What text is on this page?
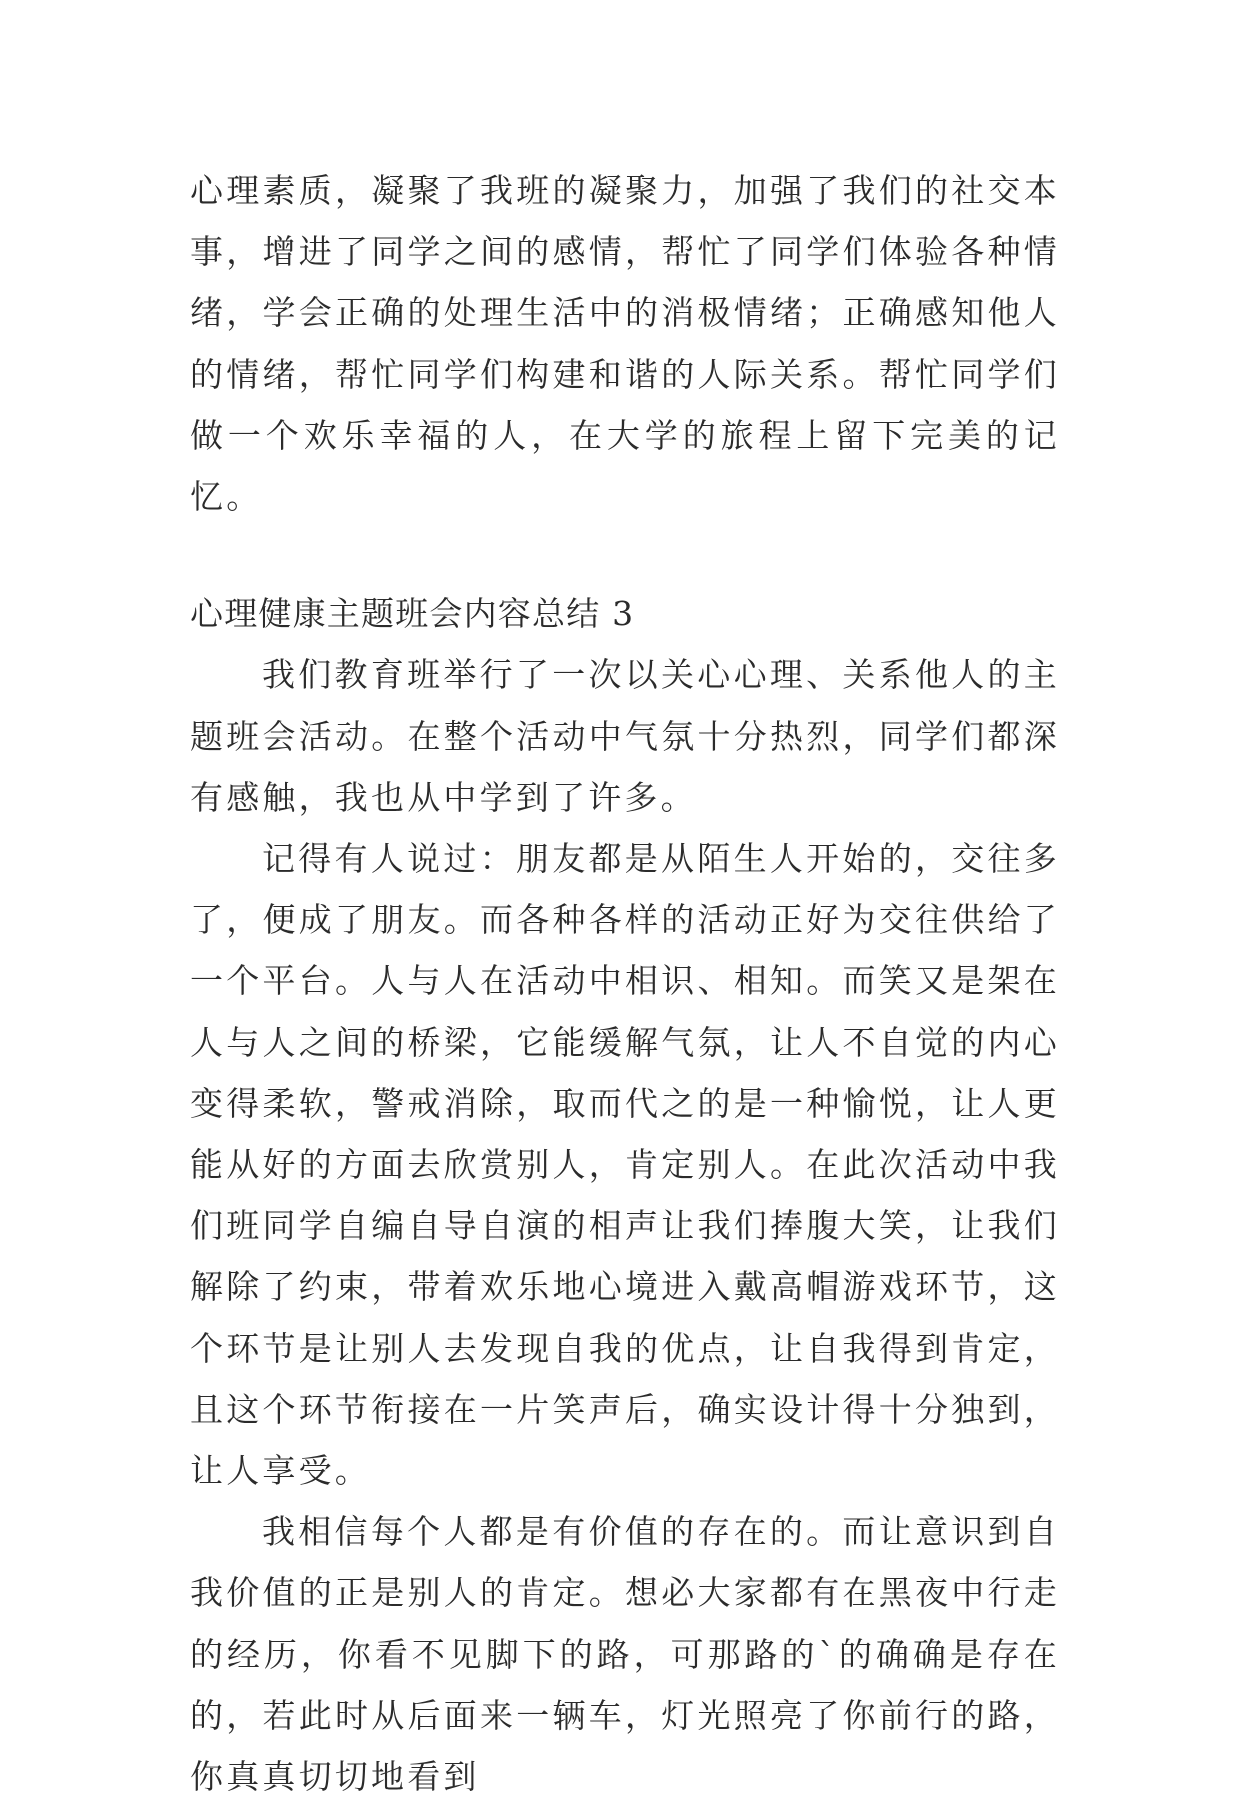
心理素质，凝聚了我班的凝聚力，加强了我们的社交本事，增进了同学之间的感情，帮忙了同学们体验各种情绪，学会正确的处理生活中的消极情绪；正确感知他人的情绪，帮忙同学们构建和谐的人际关系。帮忙同学们做一个欢乐幸福的人，在大学的旅程上留下完美的记忆。

心理健康主题班会内容总结 3

我们教育班举行了一次以关心心理、关系他人的主题班会活动。在整个活动中气氛十分热烈，同学们都深有感触，我也从中学到了许多。

记得有人说过：朋友都是从陌生人开始的，交往多了，便成了朋友。而各种各样的活动正好为交往供给了一个平台。人与人在活动中相识、相知。而笑又是架在人与人之间的桥梁，它能缓解气氛，让人不自觉的内心变得柔软，警戒消除，取而代之的是一种愉悦，让人更能从好的方面去欣赏别人，肯定别人。在此次活动中我们班同学自编自导自演的相声让我们捧腹大笑，让我们解除了约束，带着欢乐地心境进入戴高帽游戏环节，这个环节是让别人去发现自我的优点，让自我得到肯定，且这个环节衔接在一片笑声后，确实设计得十分独到，让人享受。

我相信每个人都是有价值的存在的。而让意识到自我价值的正是别人的肯定。想必大家都有在黑夜中行走的经历，你看不见脚下的路，可那路的`的确确是存在的，若此时从后面来一辆车，灯光照亮了你前行的路，你真真切切地看到
